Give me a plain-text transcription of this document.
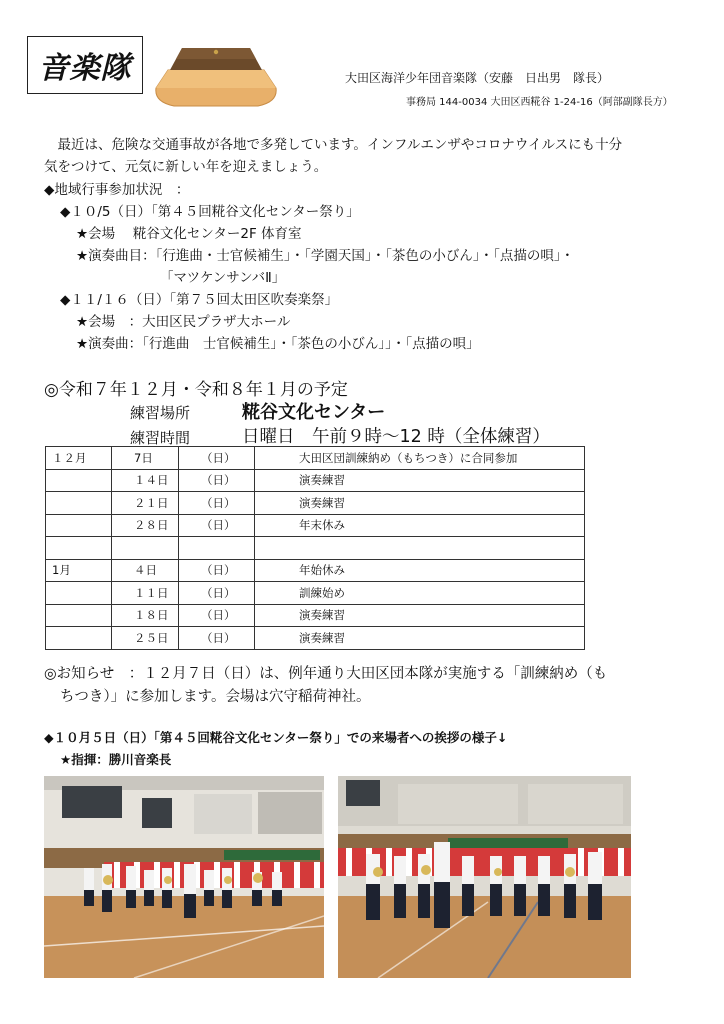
音楽隊	大田区海洋少年団音楽隊（安藤　日出男　隊長）
事務局 144-0034 大田区西糀谷 1-24-16（阿部副隊長方）
　最近は、危険な交通事故が各地で多発しています。インフルエンザやコロナウイルスにも十分
気をつけて、元気に新しい年を迎えましょう。
◆地域行事参加状況　：
◆１０/5（日）「第４５回糀谷文化センター祭り」
★会場　 糀谷文化センター2F 体育室
★演奏曲目：「行進曲・士官候補生」・「学園天国」・「茶色の小びん」・「点描の唄」・
「マツケンサンバⅡ」
◆１１/１６（日）「第７５回太田区吹奏楽祭」
★会場　：大田区民プラザ大ホール
★演奏曲：「行進曲　士官候補生」・「茶色の小びん」」・「点描の唄」
◎令和７年１２月・令和８年１月の予定
練習場所	糀谷文化センター
練習時間	日曜日　午前９時～12 時（全体練習）
１２月	7日	（日）	大田区団訓練納め（もちつき）に合同参加
	１４日	（日）	演奏練習
	２１日	（日）	演奏練習
	２８日	（日）	年末休み

1月	４日	（日）	年始休み
	１１日	（日）	訓練始め
	１８日	（日）	演奏練習
	２５日	（日）	演奏練習
◎お知らせ　：１２月７日（日）は、例年通り大田区団本隊が実施する「訓練納め（も
ちつき）」に参加します。会場は穴守稲荷神社。
◆１０月５日（日）「第４５回糀谷文化センター祭り」での来場者への挨拶の様子↓
★指揮：勝川音楽長
